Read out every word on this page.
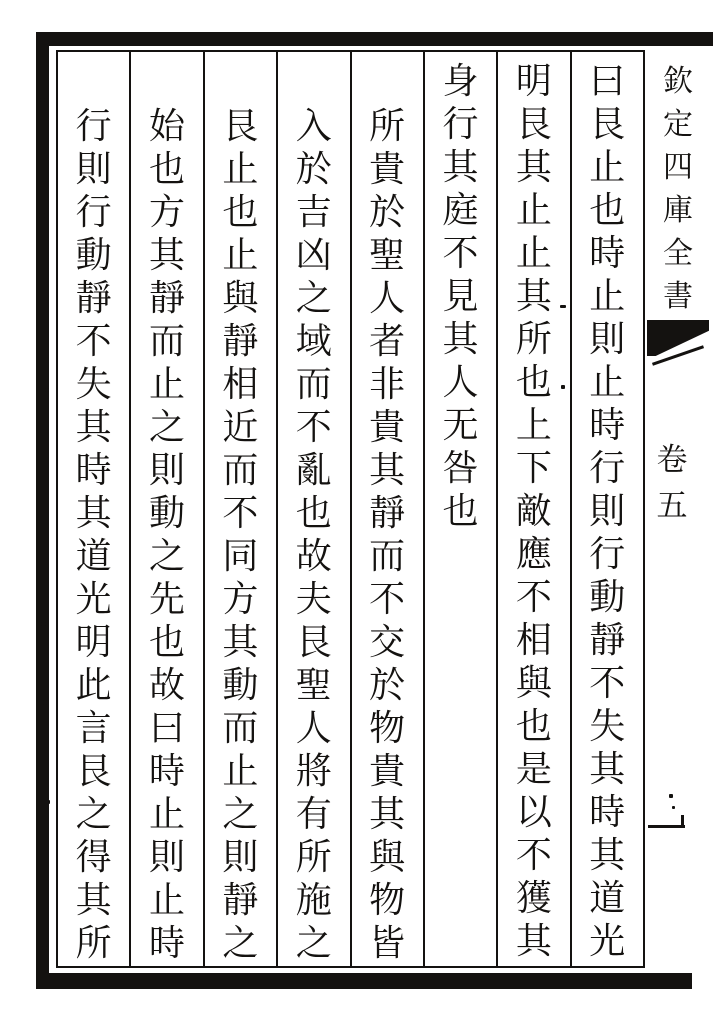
曰
艮
止
也
時
止
則
止
時
行
則
行
動
靜
不
失
其
時
其
道
光
明
艮
其
止
止
其
所
也
上
下
敵
應
不
相
與
也
是
以
不
獲
其
身
行
其
庭
不
見
其
人
无
咎
也
所
貴
於
聖
人
者
非
貴
其
靜
而
不
交
於
物
貴
其
與
物
皆
入
於
吉
凶
之
域
而
不
亂
也
故
夫
艮
聖
人
將
有
所
施
之
艮
止
也
止
與
靜
相
近
而
不
同
方
其
動
而
止
之
則
靜
之
始
也
方
其
靜
而
止
之
則
動
之
先
也
故
曰
時
止
則
止
時
行
則
行
動
靜
不
失
其
時
其
道
光
明
此
言
艮
之
得
其
所
欽
定
四
庫
全
書
卷
五
